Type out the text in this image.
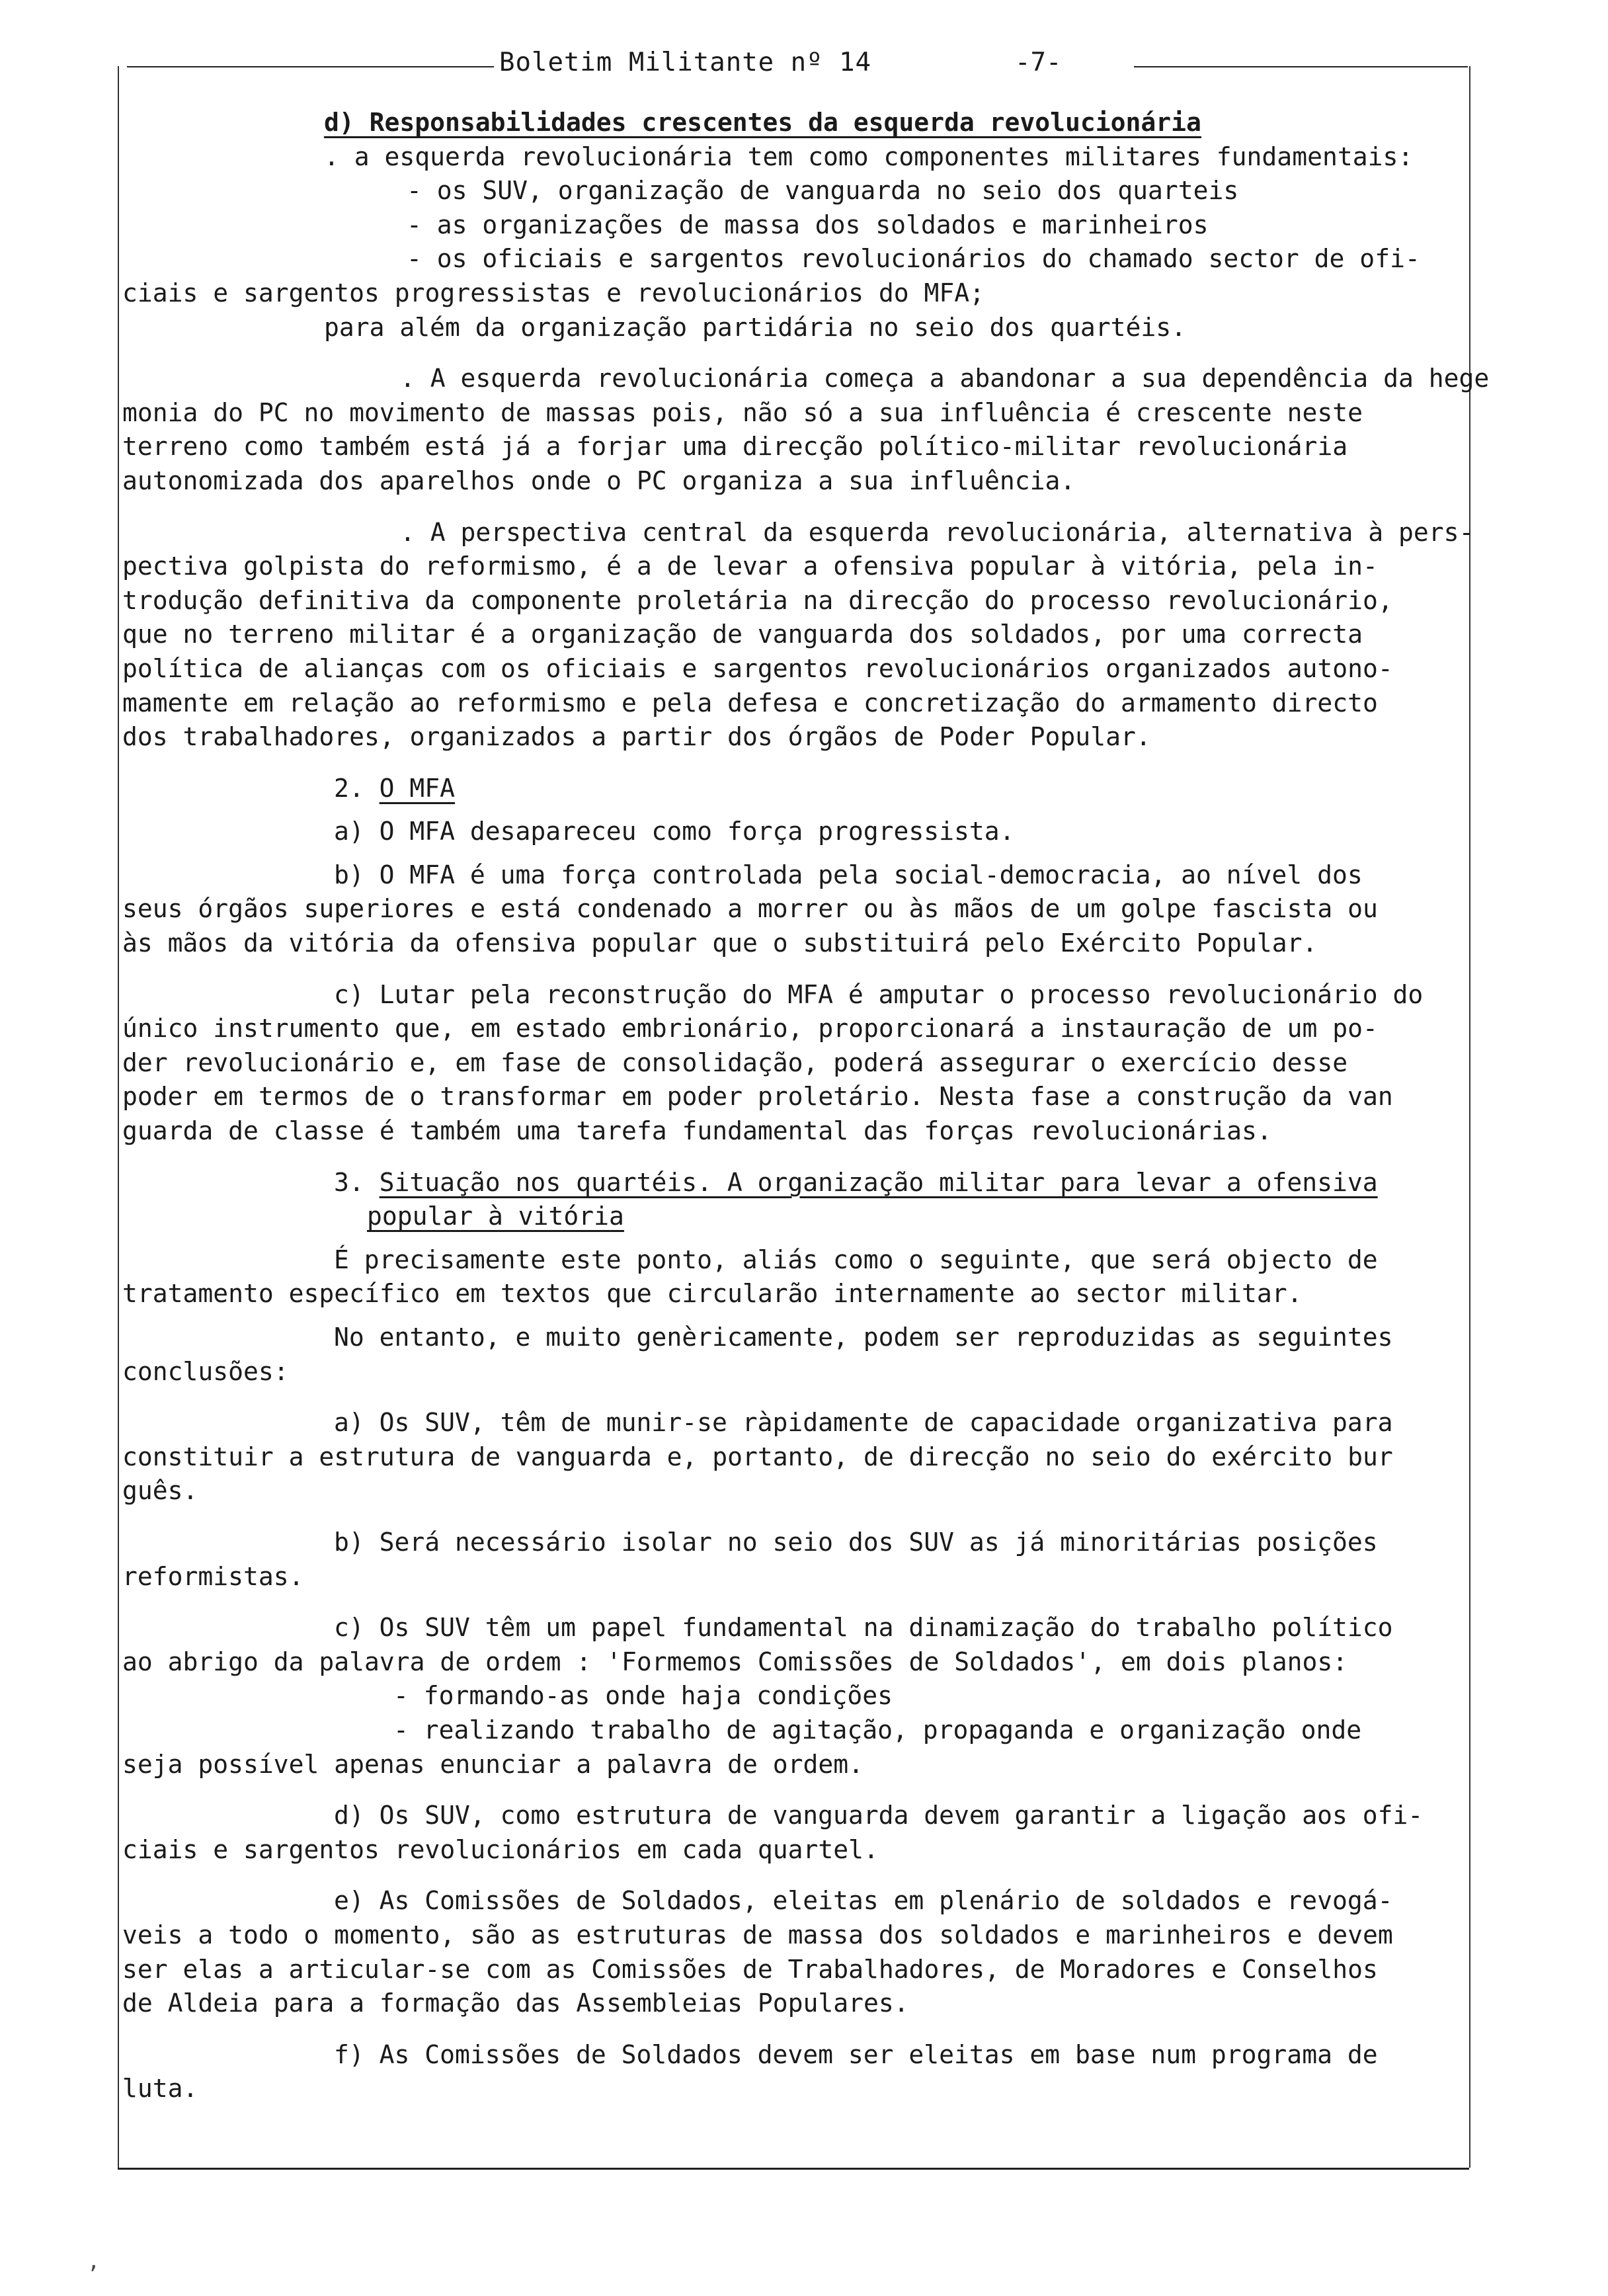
Boletim Militante nº 14	-7-
,
d) Responsabilidades crescentes da esquerda revolucionária
. a esquerda revolucionária tem como componentes militares fundamentais:
- os SUV, organização de vanguarda no seio dos quarteis
- as organizações de massa dos soldados e marinheiros
- os oficiais e sargentos revolucionários do chamado sector de ofi-
ciais e sargentos progressistas e revolucionários do MFA;
para além da organização partidária no seio dos quartéis.
. A esquerda revolucionária começa a abandonar a sua dependência da hege
monia do PC no movimento de massas pois, não só a sua influência é crescente neste
terreno como também está já a forjar uma direcção político-militar revolucionária
autonomizada dos aparelhos onde o PC organiza a sua influência.
. A perspectiva central da esquerda revolucionária, alternativa à pers-
pectiva golpista do reformismo, é a de levar a ofensiva popular à vitória, pela in-
trodução definitiva da componente proletária na direcção do processo revolucionário,
que no terreno militar é a organização de vanguarda dos soldados, por uma correcta
política de alianças com os oficiais e sargentos revolucionários organizados autono-
mamente em relação ao reformismo e pela defesa e concretização do armamento directo
dos trabalhadores, organizados a partir dos órgãos de Poder Popular.
2. O MFA
a) O MFA desapareceu como força progressista.
b) O MFA é uma força controlada pela social-democracia, ao nível dos
seus órgãos superiores e está condenado a morrer ou às mãos de um golpe fascista ou
às mãos da vitória da ofensiva popular que o substituirá pelo Exército Popular.
c) Lutar pela reconstrução do MFA é amputar o processo revolucionário do
único instrumento que, em estado embrionário, proporcionará a instauração de um po-
der revolucionário e, em fase de consolidação, poderá assegurar o exercício desse
poder em termos de o transformar em poder proletário. Nesta fase a construção da van
guarda de classe é também uma tarefa fundamental das forças revolucionárias.
3. Situação nos quartéis. A organização militar para levar a ofensiva
popular à vitória
É precisamente este ponto, aliás como o seguinte, que será objecto de
tratamento específico em textos que circularão internamente ao sector militar.
No entanto, e muito genèricamente, podem ser reproduzidas as seguintes
conclusões:
a) Os SUV, têm de munir-se ràpidamente de capacidade organizativa para
constituir a estrutura de vanguarda e, portanto, de direcção no seio do exército bur
guês.
b) Será necessário isolar no seio dos SUV as já minoritárias posições
reformistas.
c) Os SUV têm um papel fundamental na dinamização do trabalho político
ao abrigo da palavra de ordem : 'Formemos Comissões de Soldados', em dois planos:
- formando-as onde haja condições
- realizando trabalho de agitação, propaganda e organização onde
seja possível apenas enunciar a palavra de ordem.
d) Os SUV, como estrutura de vanguarda devem garantir a ligação aos ofi-
ciais e sargentos revolucionários em cada quartel.
e) As Comissões de Soldados, eleitas em plenário de soldados e revogá-
veis a todo o momento, são as estruturas de massa dos soldados e marinheiros e devem
ser elas a articular-se com as Comissões de Trabalhadores, de Moradores e Conselhos
de Aldeia para a formação das Assembleias Populares.
f) As Comissões de Soldados devem ser eleitas em base num programa de
luta.
